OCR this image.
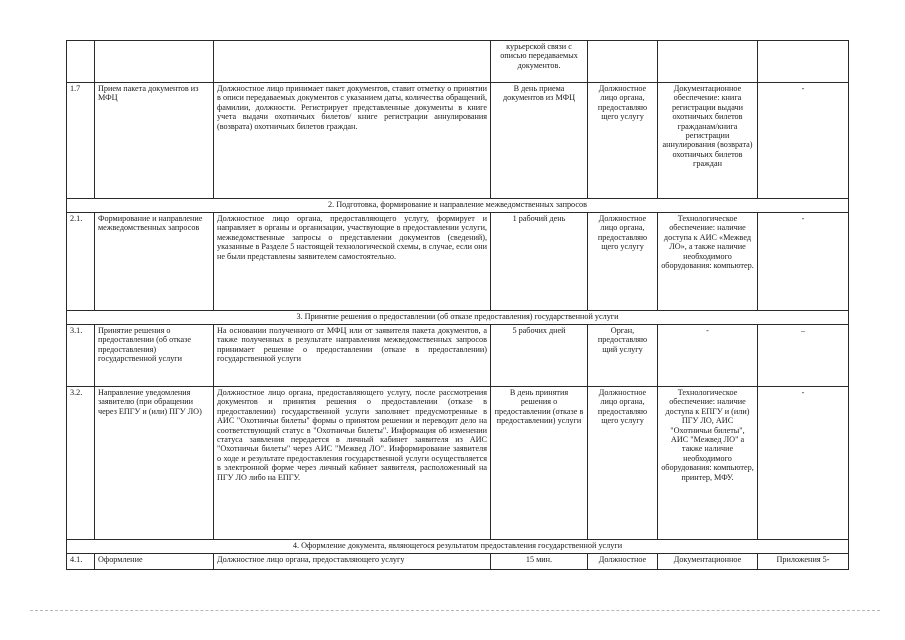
			курьерской связи с описью передаваемых документов.			
1.7	Прием пакета документов из МФЦ	Должностное лицо принимает пакет документов, ставит отметку о принятии в описи передаваемых документов с указанием даты, количества обращений, фамилии, должности. Регистрирует представленные документы в книге учета выдачи охотничьих билетов/ книге регистрации аннулирования (возврата) охотничьих билетов граждан.	В день приема документов из МФЦ	Должностное лицо органа, предоставляю щего услугу	Документационное обеспечение: книга регистрации выдачи охотничьих билетов гражданам/книга регистрации аннулирования (возврата) охотничьих билетов граждан	-
2. Подготовка, формирование и направление межведомственных запросов						
2.1.	Формирование и направление межведомственных запросов	Должностное лицо органа, предоставляющего услугу, формирует и направляет в органы и организации, участвующие в предоставлении услуги, межведомственные запросы о представлении документов (сведений), указанные в Разделе 5 настоящей технологической схемы, в случае, если они не были представлены заявителем самостоятельно.	1 рабочий день	Должностное лицо органа, предоставляю щего услугу	Технологическое обеспечение: наличие доступа к АИС «Межвед ЛО», а также наличие необходимого оборудования: компьютер.	-
3. Принятие решения о предоставлении (об отказе предоставления) государственной услуги						
3.1.	Принятие решения о предоставлении (об отказе предоставления) государственной услуги	На основании полученного от МФЦ или от заявителя пакета документов, а также полученных в результате направления межведомственных запросов принимает решение о предоставлении (отказе в предоставлении) государственной услуги	5 рабочих дней	Орган, предоставляю щий услугу	-	–
3.2.	Направление уведомления заявителю (при обращении через ЕПГУ и (или) ПГУ ЛО)	Должностное лицо органа, предоставляющего услугу, после рассмотрения документов и принятия решения о предоставлении (отказе в предоставлении) государственной услуги заполняет предусмотренные в АИС "Охотничьи билеты" формы о принятом решении и переводит дело на соответствующий статус в "Охотничьи билеты". Информация об изменении статуса заявления передается в личный кабинет заявителя из АИС "Охотничьи билеты" через АИС "Межвед ЛО". Информирование заявителя о ходе и результате предоставления государственной услуги осуществляется в электронной форме через личный кабинет заявителя, расположенный на ПГУ ЛО либо на ЕПГУ.	В день принятия решения о предоставлении (отказе в предоставлении) услуги	Должностное лицо органа, предоставляю щего услугу	Технологическое обеспечение: наличие доступа к ЕПГУ и (или) ПГУ ЛО, АИС "Охотничьи билеты", АИС "Межвед ЛО" а также наличие необходимого оборудования: компьютер, принтер, МФУ.	-
4. Оформление документа, являющегося результатом предоставления государственной услуги						
4.1.	Оформление	Должностное лицо органа, предоставляющего услугу	15 мин.	Должностное	Документационное	Приложения 5-
